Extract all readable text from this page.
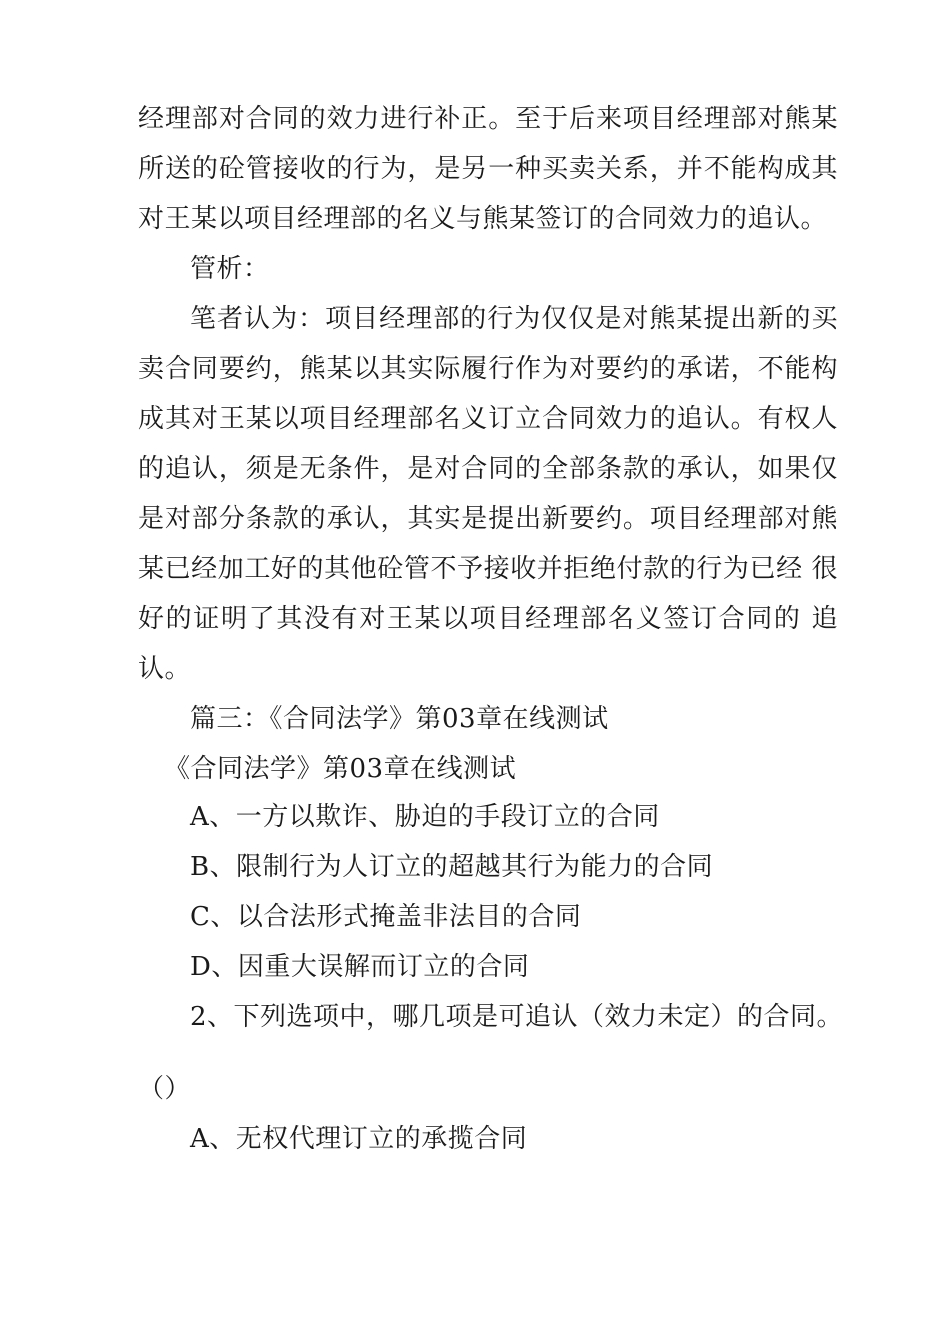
经理部对合同的效力进行补正。至于后来项目经理部对熊某
所送的砼管接收的行为，是另一种买卖关系，并不能构成其
对王某以项目经理部的名义与熊某签订的合同效力的追认。
管析：
笔者认为：项目经理部的行为仅仅是对熊某提出新的买
卖合同要约，熊某以其实际履行作为对要约的承诺，不能构
成其对王某以项目经理部名义订立合同效力的追认。有权人
的追认，须是无条件，是对合同的全部条款的承认，如果仅
是对部分条款的承认，其实是提出新要约。项目经理部对熊
某已经加工好的其他砼管不予接收并拒绝付款的行为已经 很
好的证明了其没有对王某以项目经理部名义签订合同的 追
认。
篇三：《合同法学》第03章在线测试
《合同法学》第03章在线测试
A、一方以欺诈、胁迫的手段订立的合同
B、限制行为人订立的超越其行为能力的合同
C、以合法形式掩盖非法目的合同
D、因重大误解而订立的合同
2、下列选项中，哪几项是可追认（效力未定）的合同。
（）
A、无权代理订立的承揽合同
